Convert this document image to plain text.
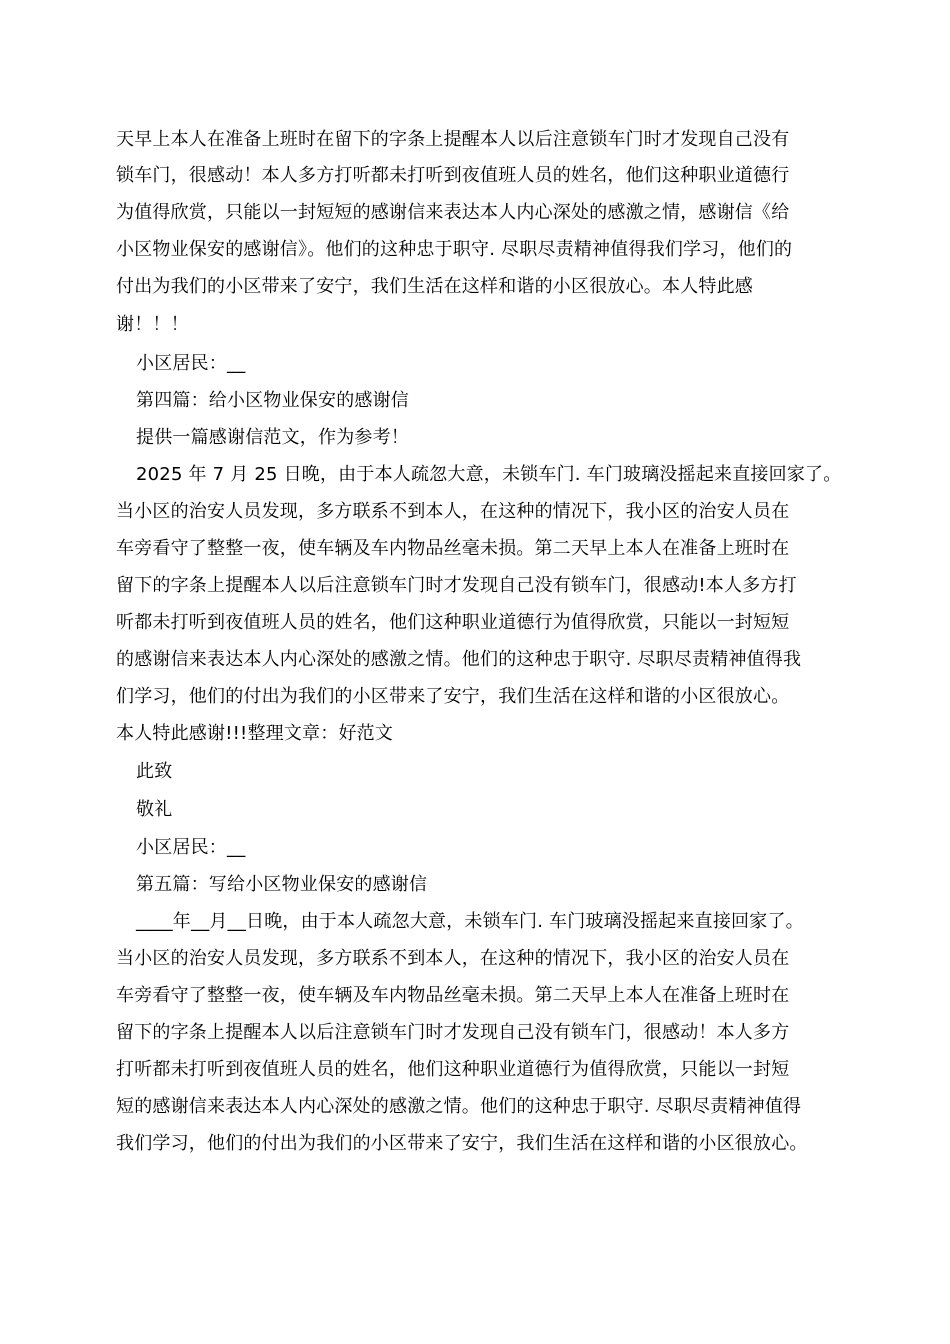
天早上本人在准备上班时在留下的字条上提醒本人以后注意锁车门时才发现自己没有
锁车门，很感动！本人多方打听都未打听到夜值班人员的姓名，他们这种职业道德行
为值得欣赏，只能以一封短短的感谢信来表达本人内心深处的感激之情，感谢信《给
小区物业保安的感谢信》。他们的这种忠于职守. 尽职尽责精神值得我们学习，他们的
付出为我们的小区带来了安宁，我们生活在这样和谐的小区很放心。本人特此感
谢！！！
小区居民：__
第四篇：给小区物业保安的感谢信
提供一篇感谢信范文，作为参考！
2025 年 7 月 25 日晚，由于本人疏忽大意，未锁车门. 车门玻璃没摇起来直接回家了。
当小区的治安人员发现，多方联系不到本人，在这种的情况下，我小区的治安人员在
车旁看守了整整一夜，使车辆及车内物品丝毫未损。第二天早上本人在准备上班时在
留下的字条上提醒本人以后注意锁车门时才发现自己没有锁车门，很感动!本人多方打
听都未打听到夜值班人员的姓名，他们这种职业道德行为值得欣赏，只能以一封短短
的感谢信来表达本人内心深处的感激之情。他们的这种忠于职守. 尽职尽责精神值得我
们学习，他们的付出为我们的小区带来了安宁，我们生活在这样和谐的小区很放心。
本人特此感谢!!!整理文章：好范文
此致
敬礼
小区居民：__
第五篇：写给小区物业保安的感谢信
____年__月__日晚，由于本人疏忽大意，未锁车门. 车门玻璃没摇起来直接回家了。
当小区的治安人员发现，多方联系不到本人，在这种的情况下，我小区的治安人员在
车旁看守了整整一夜，使车辆及车内物品丝毫未损。第二天早上本人在准备上班时在
留下的字条上提醒本人以后注意锁车门时才发现自己没有锁车门，很感动！本人多方
打听都未打听到夜值班人员的姓名，他们这种职业道德行为值得欣赏，只能以一封短
短的感谢信来表达本人内心深处的感激之情。他们的这种忠于职守. 尽职尽责精神值得
我们学习，他们的付出为我们的小区带来了安宁，我们生活在这样和谐的小区很放心。
